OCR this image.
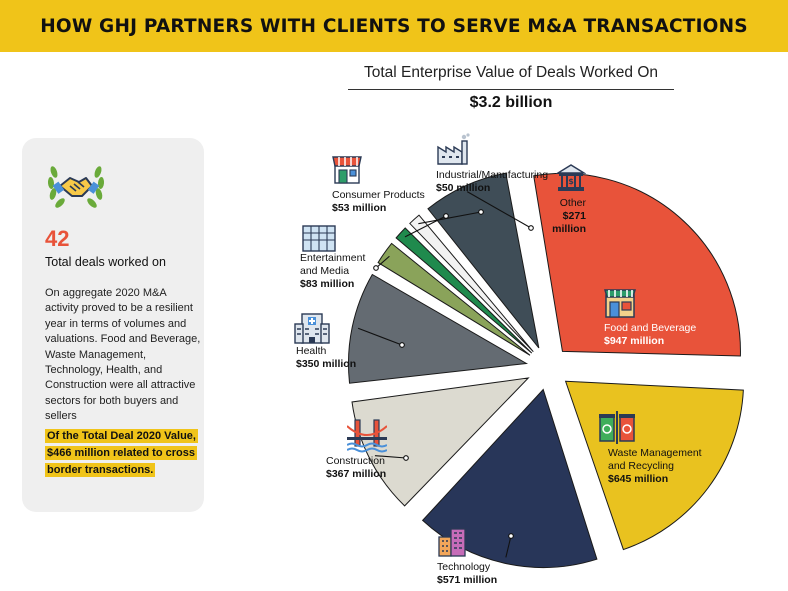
HOW GHJ PARTNERS WITH CLIENTS TO SERVE M&A TRANSACTIONS
Total Enterprise Value of Deals Worked On
$3.2 billion
42
Total deals worked on
On aggregate 2020 M&A activity proved to be a resilient year in terms of volumes and valuations. Food and Beverage, Waste Management, Technology, Health, and Construction were all attractive sectors for both buyers and sellers
Of the Total Deal 2020 Value, $466 million related to cross border transactions.
Food and Beverage
$947 million
Waste Management and Recycling
$645 million
Technology
$571 million
Construction
$367 million
Health
$350 million
Entertainment and Media
$83 million
Consumer Products
$53 million
Industrial/Manufacturing
$50 million
Other
$271 million
$
